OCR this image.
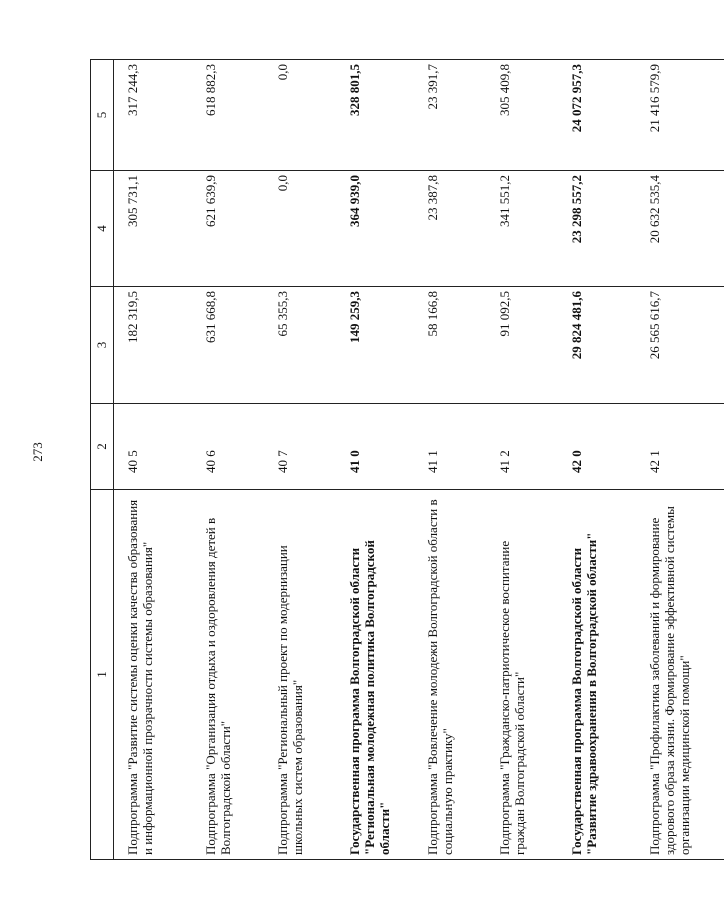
273
1	2	3	4	5
Подпрограмма "Развитие системы оценки качества образования и информационной прозрачности системы образования"	40 5	182 319,5	305 731,1	317 244,3
Подпрограмма "Организация отдыха и оздоровления детей в Волгоградской области"	40 6	631 668,8	621 639,9	618 882,3
Подпрограмма "Региональный проект по модернизации школьных систем образования"	40 7	65 355,3	0,0	0,0
Государственная программа Волгоградской области "Региональная молодежная политика Волгоградской области"	41 0	149 259,3	364 939,0	328 801,5
Подпрограмма "Вовлечение молодежи Волгоградской области в социальную практику"	41 1	58 166,8	23 387,8	23 391,7
Подпрограмма "Гражданско-патриотическое воспитание граждан Волгоградской области"	41 2	91 092,5	341 551,2	305 409,8
Государственная программа Волгоградской области "Развитие здравоохранения в Волгоградской области"	42 0	29 824 481,6	23 298 557,2	24 072 957,3
Подпрограмма "Профилактика заболеваний и формирование здорового образа жизни. Формирование эффективной системы организации медицинской помощи"	42 1	26 565 616,7	20 632 535,4	21 416 579,9
